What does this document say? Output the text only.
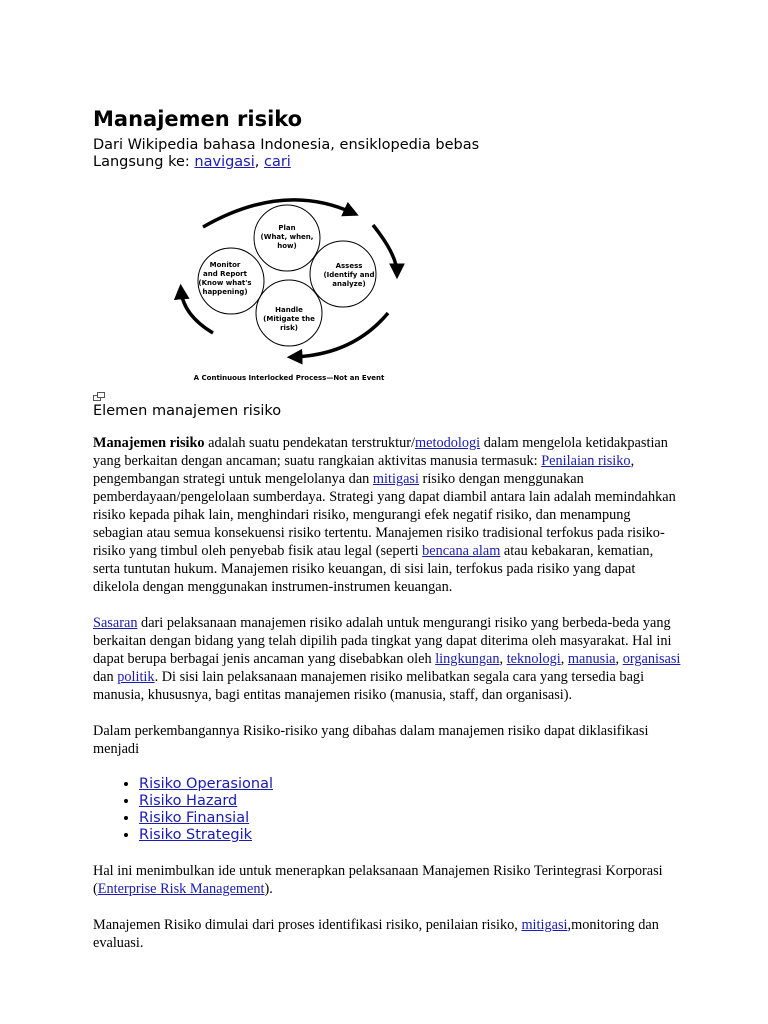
Manajemen risiko
Dari Wikipedia bahasa Indonesia, ensiklopedia bebas
Langsung ke: navigasi, cari
Plan
(What, when,
how)
Monitor
and Report
(Know what's
happening)
Assess
(Identify and
analyze)
Handle
(Mitigate the
risk)
A Continuous Interlocked Process—Not an Event
Elemen manajemen risiko

Manajemen risiko adalah suatu pendekatan terstruktur/metodologi dalam mengelola ketidakpastian yang berkaitan dengan ancaman; suatu rangkaian aktivitas manusia termasuk: Penilaian risiko, pengembangan strategi untuk mengelolanya dan mitigasi risiko dengan menggunakan pemberdayaan/pengelolaan sumberdaya. Strategi yang dapat diambil antara lain adalah memindahkan risiko kepada pihak lain, menghindari risiko, mengurangi efek negatif risiko, dan menampung sebagian atau semua konsekuensi risiko tertentu. Manajemen risiko tradisional terfokus pada risiko-risiko yang timbul oleh penyebab fisik atau legal (seperti bencana alam atau kebakaran, kematian, serta tuntutan hukum. Manajemen risiko keuangan, di sisi lain, terfokus pada risiko yang dapat dikelola dengan menggunakan instrumen-instrumen keuangan.

Sasaran dari pelaksanaan manajemen risiko adalah untuk mengurangi risiko yang berbeda-beda yang berkaitan dengan bidang yang telah dipilih pada tingkat yang dapat diterima oleh masyarakat. Hal ini dapat berupa berbagai jenis ancaman yang disebabkan oleh lingkungan, teknologi, manusia, organisasi dan politik. Di sisi lain pelaksanaan manajemen risiko melibatkan segala cara yang tersedia bagi manusia, khususnya, bagi entitas manajemen risiko (manusia, staff, dan organisasi).

Dalam perkembangannya Risiko-risiko yang dibahas dalam manajemen risiko dapat diklasifikasi menjadi

• Risiko Operasional
• Risiko Hazard
• Risiko Finansial
• Risiko Strategik

Hal ini menimbulkan ide untuk menerapkan pelaksanaan Manajemen Risiko Terintegrasi Korporasi (Enterprise Risk Management).

Manajemen Risiko dimulai dari proses identifikasi risiko, penilaian risiko, mitigasi,monitoring dan evaluasi.
